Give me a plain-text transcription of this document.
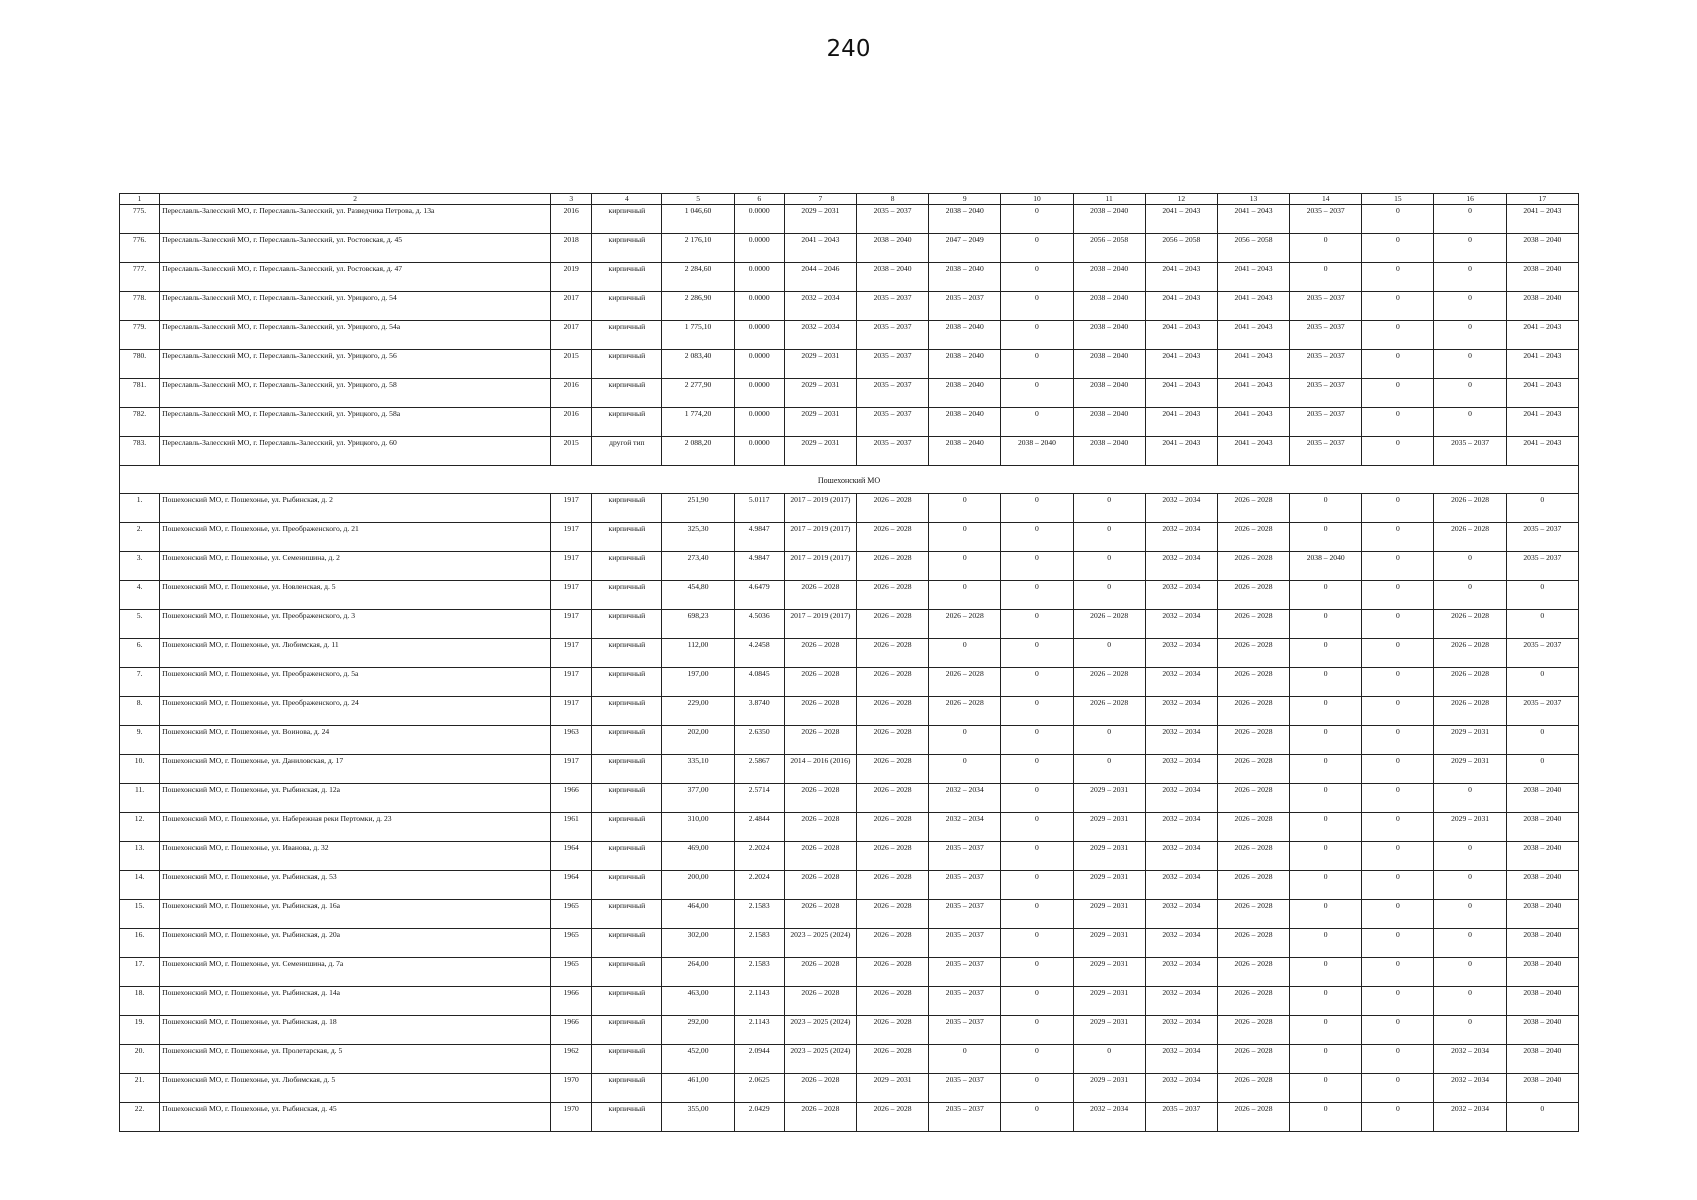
240
1	2	3	4	5	6	7	8	9	10	11	12	13	14	15	16	17
775.	Переславль-Залесский МО, г. Переславль-Залесский, ул. Разведчика Петрова, д. 13а	2016	кирпичный	1 046,60	0.0000	2029 – 2031	2035 – 2037	2038 – 2040	0	2038 – 2040	2041 – 2043	2041 – 2043	2035 – 2037	0	0	2041 – 2043
776.	Переславль-Залесский МО, г. Переславль-Залесский, ул. Ростовская, д. 45	2018	кирпичный	2 176,10	0.0000	2041 – 2043	2038 – 2040	2047 – 2049	0	2056 – 2058	2056 – 2058	2056 – 2058	0	0	0	2038 – 2040
777.	Переславль-Залесский МО, г. Переславль-Залесский, ул. Ростовская, д. 47	2019	кирпичный	2 284,60	0.0000	2044 – 2046	2038 – 2040	2038 – 2040	0	2038 – 2040	2041 – 2043	2041 – 2043	0	0	0	2038 – 2040
778.	Переславль-Залесский МО, г. Переславль-Залесский, ул. Урицкого, д. 54	2017	кирпичный	2 286,90	0.0000	2032 – 2034	2035 – 2037	2035 – 2037	0	2038 – 2040	2041 – 2043	2041 – 2043	2035 – 2037	0	0	2038 – 2040
779.	Переславль-Залесский МО, г. Переславль-Залесский, ул. Урицкого, д. 54а	2017	кирпичный	1 775,10	0.0000	2032 – 2034	2035 – 2037	2038 – 2040	0	2038 – 2040	2041 – 2043	2041 – 2043	2035 – 2037	0	0	2041 – 2043
780.	Переславль-Залесский МО, г. Переславль-Залесский, ул. Урицкого, д. 56	2015	кирпичный	2 083,40	0.0000	2029 – 2031	2035 – 2037	2038 – 2040	0	2038 – 2040	2041 – 2043	2041 – 2043	2035 – 2037	0	0	2041 – 2043
781.	Переславль-Залесский МО, г. Переславль-Залесский, ул. Урицкого, д. 58	2016	кирпичный	2 277,90	0.0000	2029 – 2031	2035 – 2037	2038 – 2040	0	2038 – 2040	2041 – 2043	2041 – 2043	2035 – 2037	0	0	2041 – 2043
782.	Переславль-Залесский МО, г. Переславль-Залесский, ул. Урицкого, д. 58а	2016	кирпичный	1 774,20	0.0000	2029 – 2031	2035 – 2037	2038 – 2040	0	2038 – 2040	2041 – 2043	2041 – 2043	2035 – 2037	0	0	2041 – 2043
783.	Переславль-Залесский МО, г. Переславль-Залесский, ул. Урицкого, д. 60	2015	другой тип	2 088,20	0.0000	2029 – 2031	2035 – 2037	2038 – 2040	2038 – 2040	2038 – 2040	2041 – 2043	2041 – 2043	2035 – 2037	0	2035 – 2037	2041 – 2043
Пошехонский МО																
1.	Пошехонский МО, г. Пошехонье, ул. Рыбинская, д. 2	1917	кирпичный	251,90	5.0117	2017 – 2019 (2017)	2026 – 2028	0	0	0	2032 – 2034	2026 – 2028	0	0	2026 – 2028	0
2.	Пошехонский МО, г. Пошехонье, ул. Преображенского, д. 21	1917	кирпичный	325,30	4.9847	2017 – 2019 (2017)	2026 – 2028	0	0	0	2032 – 2034	2026 – 2028	0	0	2026 – 2028	2035 – 2037
3.	Пошехонский МО, г. Пошехонье, ул. Семенишина, д. 2	1917	кирпичный	273,40	4.9847	2017 – 2019 (2017)	2026 – 2028	0	0	0	2032 – 2034	2026 – 2028	2038 – 2040	0	0	2035 – 2037
4.	Пошехонский МО, г. Пошехонье, ул. Новленская, д. 5	1917	кирпичный	454,80	4.6479	2026 – 2028	2026 – 2028	0	0	0	2032 – 2034	2026 – 2028	0	0	0	0
5.	Пошехонский МО, г. Пошехонье, ул. Преображенского, д. 3	1917	кирпичный	698,23	4.5036	2017 – 2019 (2017)	2026 – 2028	2026 – 2028	0	2026 – 2028	2032 – 2034	2026 – 2028	0	0	2026 – 2028	0
6.	Пошехонский МО, г. Пошехонье, ул. Любимская, д. 11	1917	кирпичный	112,00	4.2458	2026 – 2028	2026 – 2028	0	0	0	2032 – 2034	2026 – 2028	0	0	2026 – 2028	2035 – 2037
7.	Пошехонский МО, г. Пошехонье, ул. Преображенского, д. 5а	1917	кирпичный	197,00	4.0845	2026 – 2028	2026 – 2028	2026 – 2028	0	2026 – 2028	2032 – 2034	2026 – 2028	0	0	2026 – 2028	0
8.	Пошехонский МО, г. Пошехонье, ул. Преображенского, д. 24	1917	кирпичный	229,00	3.8740	2026 – 2028	2026 – 2028	2026 – 2028	0	2026 – 2028	2032 – 2034	2026 – 2028	0	0	2026 – 2028	2035 – 2037
9.	Пошехонский МО, г. Пошехонье, ул. Воинова, д. 24	1963	кирпичный	202,00	2.6350	2026 – 2028	2026 – 2028	0	0	0	2032 – 2034	2026 – 2028	0	0	2029 – 2031	0
10.	Пошехонский МО, г. Пошехонье, ул. Даниловская, д. 17	1917	кирпичный	335,10	2.5867	2014 – 2016 (2016)	2026 – 2028	0	0	0	2032 – 2034	2026 – 2028	0	0	2029 – 2031	0
11.	Пошехонский МО, г. Пошехонье, ул. Рыбинская, д. 12а	1966	кирпичный	377,00	2.5714	2026 – 2028	2026 – 2028	2032 – 2034	0	2029 – 2031	2032 – 2034	2026 – 2028	0	0	0	2038 – 2040
12.	Пошехонский МО, г. Пошехонье, ул. Набережная реки Пертомки, д. 23	1961	кирпичный	310,00	2.4844	2026 – 2028	2026 – 2028	2032 – 2034	0	2029 – 2031	2032 – 2034	2026 – 2028	0	0	2029 – 2031	2038 – 2040
13.	Пошехонский МО, г. Пошехонье, ул. Иванова, д. 32	1964	кирпичный	469,00	2.2024	2026 – 2028	2026 – 2028	2035 – 2037	0	2029 – 2031	2032 – 2034	2026 – 2028	0	0	0	2038 – 2040
14.	Пошехонский МО, г. Пошехонье, ул. Рыбинская, д. 53	1964	кирпичный	200,00	2.2024	2026 – 2028	2026 – 2028	2035 – 2037	0	2029 – 2031	2032 – 2034	2026 – 2028	0	0	0	2038 – 2040
15.	Пошехонский МО, г. Пошехонье, ул. Рыбинская, д. 16а	1965	кирпичный	464,00	2.1583	2026 – 2028	2026 – 2028	2035 – 2037	0	2029 – 2031	2032 – 2034	2026 – 2028	0	0	0	2038 – 2040
16.	Пошехонский МО, г. Пошехонье, ул. Рыбинская, д. 20а	1965	кирпичный	302,00	2.1583	2023 – 2025 (2024)	2026 – 2028	2035 – 2037	0	2029 – 2031	2032 – 2034	2026 – 2028	0	0	0	2038 – 2040
17.	Пошехонский МО, г. Пошехонье, ул. Семенишина, д. 7а	1965	кирпичный	264,00	2.1583	2026 – 2028	2026 – 2028	2035 – 2037	0	2029 – 2031	2032 – 2034	2026 – 2028	0	0	0	2038 – 2040
18.	Пошехонский МО, г. Пошехонье, ул. Рыбинская, д. 14а	1966	кирпичный	463,00	2.1143	2026 – 2028	2026 – 2028	2035 – 2037	0	2029 – 2031	2032 – 2034	2026 – 2028	0	0	0	2038 – 2040
19.	Пошехонский МО, г. Пошехонье, ул. Рыбинская, д. 18	1966	кирпичный	292,00	2.1143	2023 – 2025 (2024)	2026 – 2028	2035 – 2037	0	2029 – 2031	2032 – 2034	2026 – 2028	0	0	0	2038 – 2040
20.	Пошехонский МО, г. Пошехонье, ул. Пролетарская, д. 5	1962	кирпичный	452,00	2.0944	2023 – 2025 (2024)	2026 – 2028	0	0	0	2032 – 2034	2026 – 2028	0	0	2032 – 2034	2038 – 2040
21.	Пошехонский МО, г. Пошехонье, ул. Любимская, д. 5	1970	кирпичный	461,00	2.0625	2026 – 2028	2029 – 2031	2035 – 2037	0	2029 – 2031	2032 – 2034	2026 – 2028	0	0	2032 – 2034	2038 – 2040
22.	Пошехонский МО, г. Пошехонье, ул. Рыбинская, д. 45	1970	кирпичный	355,00	2.0429	2026 – 2028	2026 – 2028	2035 – 2037	0	2032 – 2034	2035 – 2037	2026 – 2028	0	0	2032 – 2034	0
